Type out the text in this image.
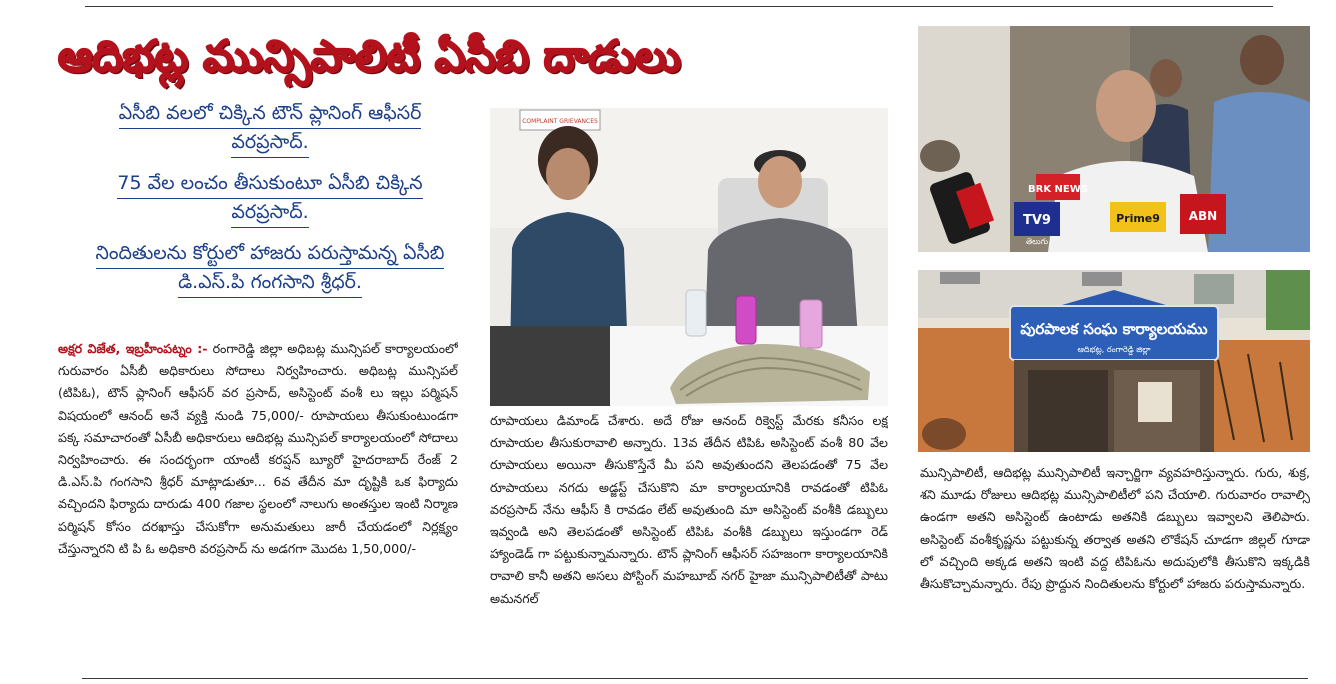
ఆదిభట్ల మున్సిపాలిటీ ఏసీబి దాడులు

ఏసీబి వలలో చిక్కిన టౌన్ ప్లానింగ్ ఆఫీసర్
వరప్రసాద్.

75 వేల లంచం తీసుకుంటూ ఏసీబి చిక్కిన
వరప్రసాద్.

నిందితులను కోర్టులో హాజరు పరుస్తామన్న ఏసీబి
డి.ఎస్.పి గంగసాని శ్రీధర్.

అక్షర విజేత, ఇబ్రహీంపట్నం :- రంగారెడ్డి జిల్లా అధిబట్ల మున్సిపల్ కార్యాలయంలో గురువారం ఏసీబీ అధికారులు సోదాలు నిర్వహించారు. అధిబట్ల మున్సిపల్ (టిపిఓ), టౌన్ ప్లానింగ్ ఆఫీసర్ వర ప్రసాద్, అసిస్టెంట్ వంశీ లు ఇల్లు పర్మిషన్ విషయంలో ఆనంద్ అనే వ్యక్తి నుండి 75,000/- రూపాయలు తీసుకుంటుండగా పక్క సమాచారంతో ఏసీబీ అధికారులు ఆదిభట్ల మున్సిపల్ కార్యాలయంలో సోదాలు నిర్వహించారు. ఈ సందర్భంగా యాంటీ కరప్షన్ బ్యూరో హైదరాబాద్ రేంజ్ 2 డి.ఎస్.పి గంగసాని శ్రీధర్ మాట్లాడుతూ... 6వ తేదీన మా దృష్టికి ఒక ఫిర్యాదు వచ్చిందని ఫిర్యాదు దారుడు 400 గజాల స్థలంలో నాలుగు అంతస్తుల ఇంటి నిర్మాణ పర్మిషన్ కోసం దరఖాస్తు చేసుకోగా అనుమతులు జారీ చేయడంలో నిర్లక్ష్యం చేస్తున్నారని టి పి ఓ అధికారి వరప్రసాద్ ను అడగగా మొదట 1,50,000/-

COMPLAINT GRIEVANCES

రూపాయలు డిమాండ్ చేశారు. అదే రోజు ఆనంద్ రిక్వెస్ట్ మేరకు కనీసం లక్ష రూపాయల తీసుకురావాలి అన్నారు. 13వ తేదీన టిపిఓ అసిస్టెంట్ వంశీ 80 వేల రూపాయలు అయినా తీసుకొస్తేనే మీ పని అవుతుందని తెలపడంతో 75 వేల రూపాయలు నగదు అడ్జస్ట్ చేసుకొని మా కార్యాలయానికి రావడంతో టిపిఓ వరప్రసాద్ నేను ఆఫీస్ కి రావడం లేట్ అవుతుంది మా అసిస్టెంట్ వంశీకి డబ్బులు ఇవ్వండి అని తెలపడంతో అసిస్టెంట్ టిపిఓ వంశీకి డబ్బులు ఇస్తుండగా రెడ్ హ్యాండెడ్ గా పట్టుకున్నామన్నారు. టౌన్ ప్లానింగ్ ఆఫీసర్ సహజంగా కార్యాలయానికి రావాలి కానీ అతని అసలు పోస్టింగ్ మహబూబ్ నగర్ హైజా మున్సిపాలిటీతో పాటు అమనగల్

BRK NEWS
TV9
తెలుగు
Prime9 ABN
పురపాలక సంఘ కార్యాలయము
ఆదిభట్ల, రంగారెడ్డి జిల్లా

మున్సిపాలిటీ, ఆదిభట్ల మున్సిపాలిటీ ఇన్చార్జిగా వ్యవహరిస్తున్నారు. గురు, శుక్ర, శని మూడు రోజులు ఆదిభట్ల మున్సిపాలిటీలో పని చేయాలి. గురువారం రావాల్సి ఉండగా అతని అసిస్టెంట్ ఉంటాడు అతనికి డబ్బులు ఇవ్వాలని తెలిపారు. అసిస్టెంట్ వంశీకృష్ణను పట్టుకున్న తర్వాత అతని లొకేషన్ చూడగా జిల్లల్ గూడా లో వచ్చింది అక్కడ అతని ఇంటి వద్ద టిపిఓను అదుపులోకి తీసుకొని ఇక్కడికి తీసుకొచ్చామన్నారు. రేపు ప్రొద్దున నిందితులను కోర్టులో హాజరు పరుస్తామన్నారు.
